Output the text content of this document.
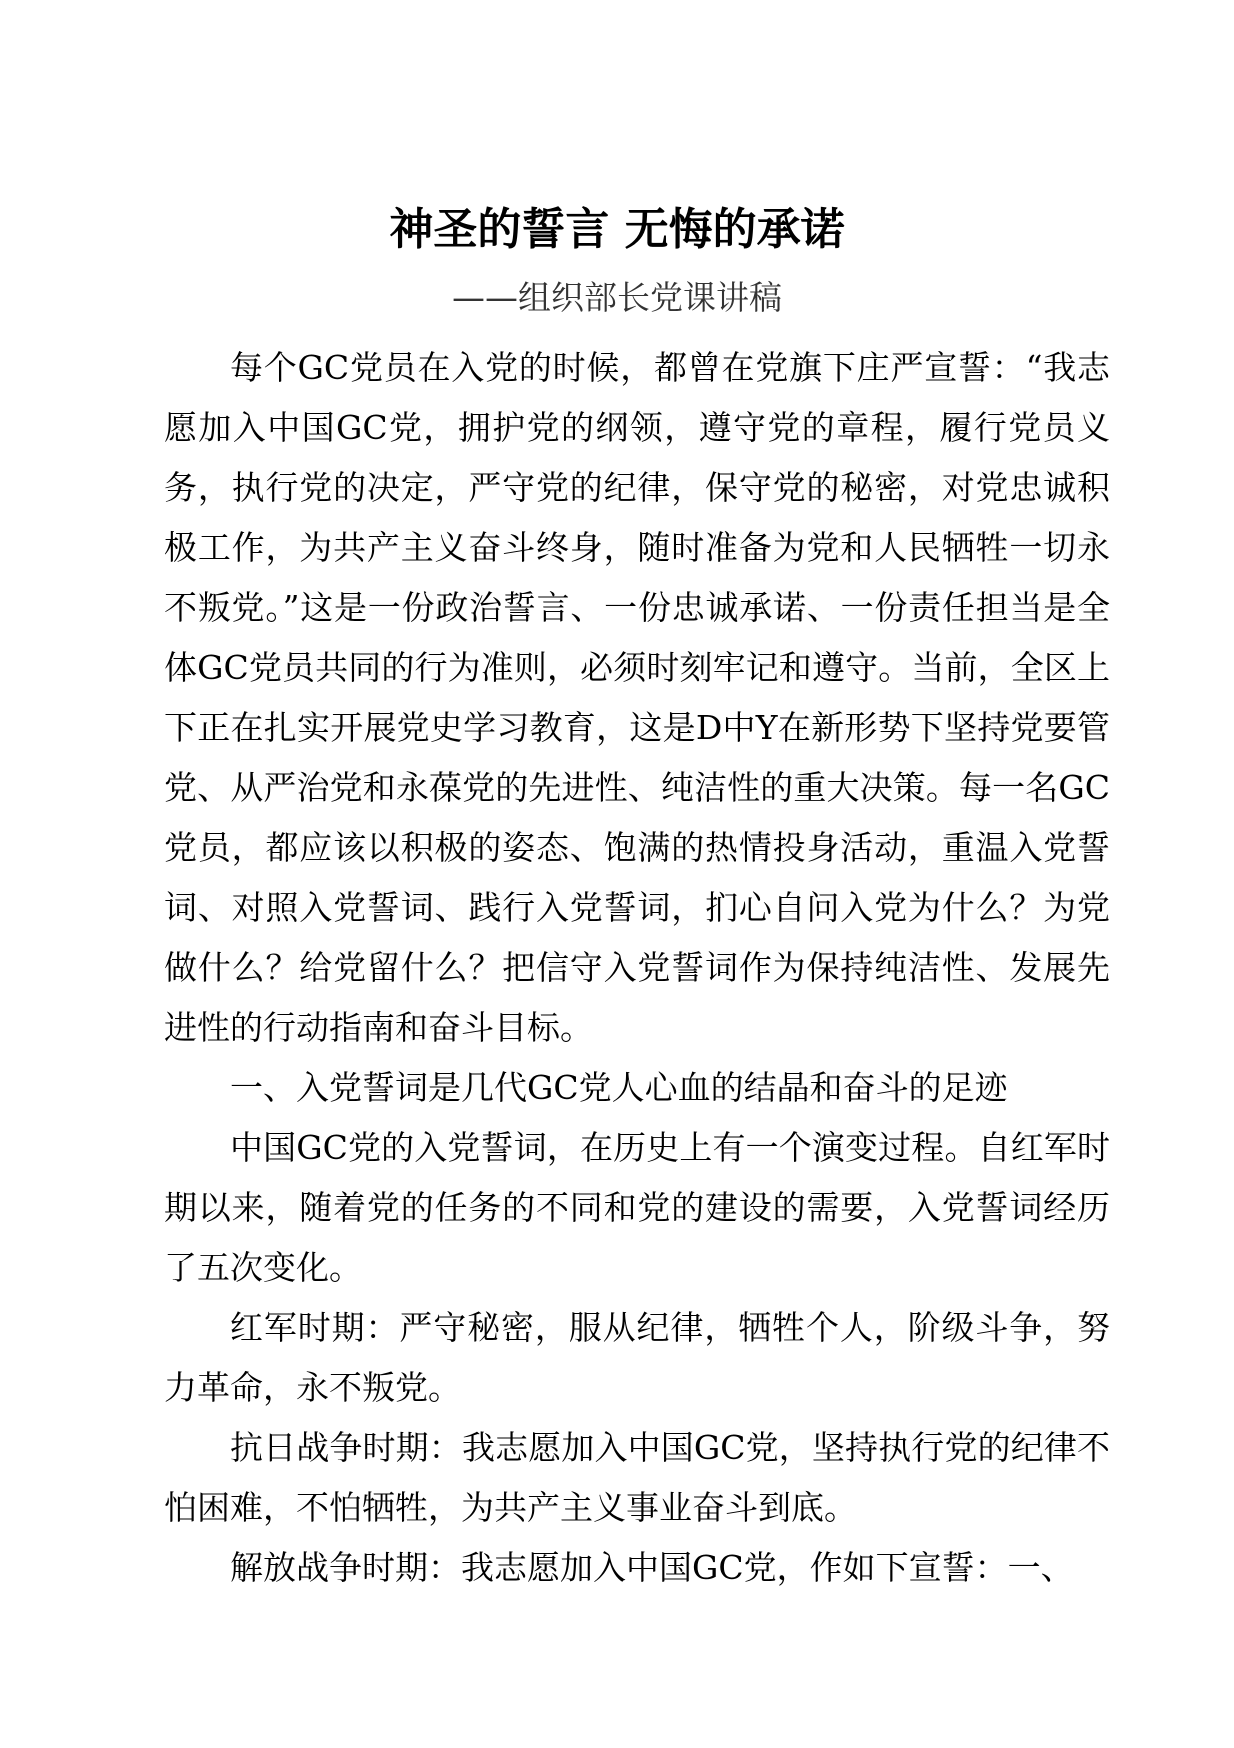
神圣的誓言 无悔的承诺
——组织部长党课讲稿

每个GC党员在入党的时候，都曾在党旗下庄严宣誓：“我志愿加入中国GC党，拥护党的纲领，遵守党的章程，履行党员义务，执行党的决定，严守党的纪律，保守党的秘密，对党忠诚积极工作，为共产主义奋斗终身，随时准备为党和人民牺牲一切永不叛党。”这是一份政治誓言、一份忠诚承诺、一份责任担当是全体GC党员共同的行为准则，必须时刻牢记和遵守。当前，全区上下正在扎实开展党史学习教育，这是D中Y在新形势下坚持党要管党、从严治党和永葆党的先进性、纯洁性的重大决策。每一名GC党员，都应该以积极的姿态、饱满的热情投身活动，重温入党誓词、对照入党誓词、践行入党誓词，扪心自问入党为什么？为党做什么？给党留什么？把信守入党誓词作为保持纯洁性、发展先进性的行动指南和奋斗目标。

一、入党誓词是几代GC党人心血的结晶和奋斗的足迹

中国GC党的入党誓词，在历史上有一个演变过程。自红军时期以来，随着党的任务的不同和党的建设的需要，入党誓词经历了五次变化。

红军时期：严守秘密，服从纪律，牺牲个人，阶级斗争，努力革命，永不叛党。

抗日战争时期：我志愿加入中国GC党，坚持执行党的纪律不怕困难，不怕牺牲，为共产主义事业奋斗到底。

解放战争时期：我志愿加入中国GC党，作如下宣誓：一、
